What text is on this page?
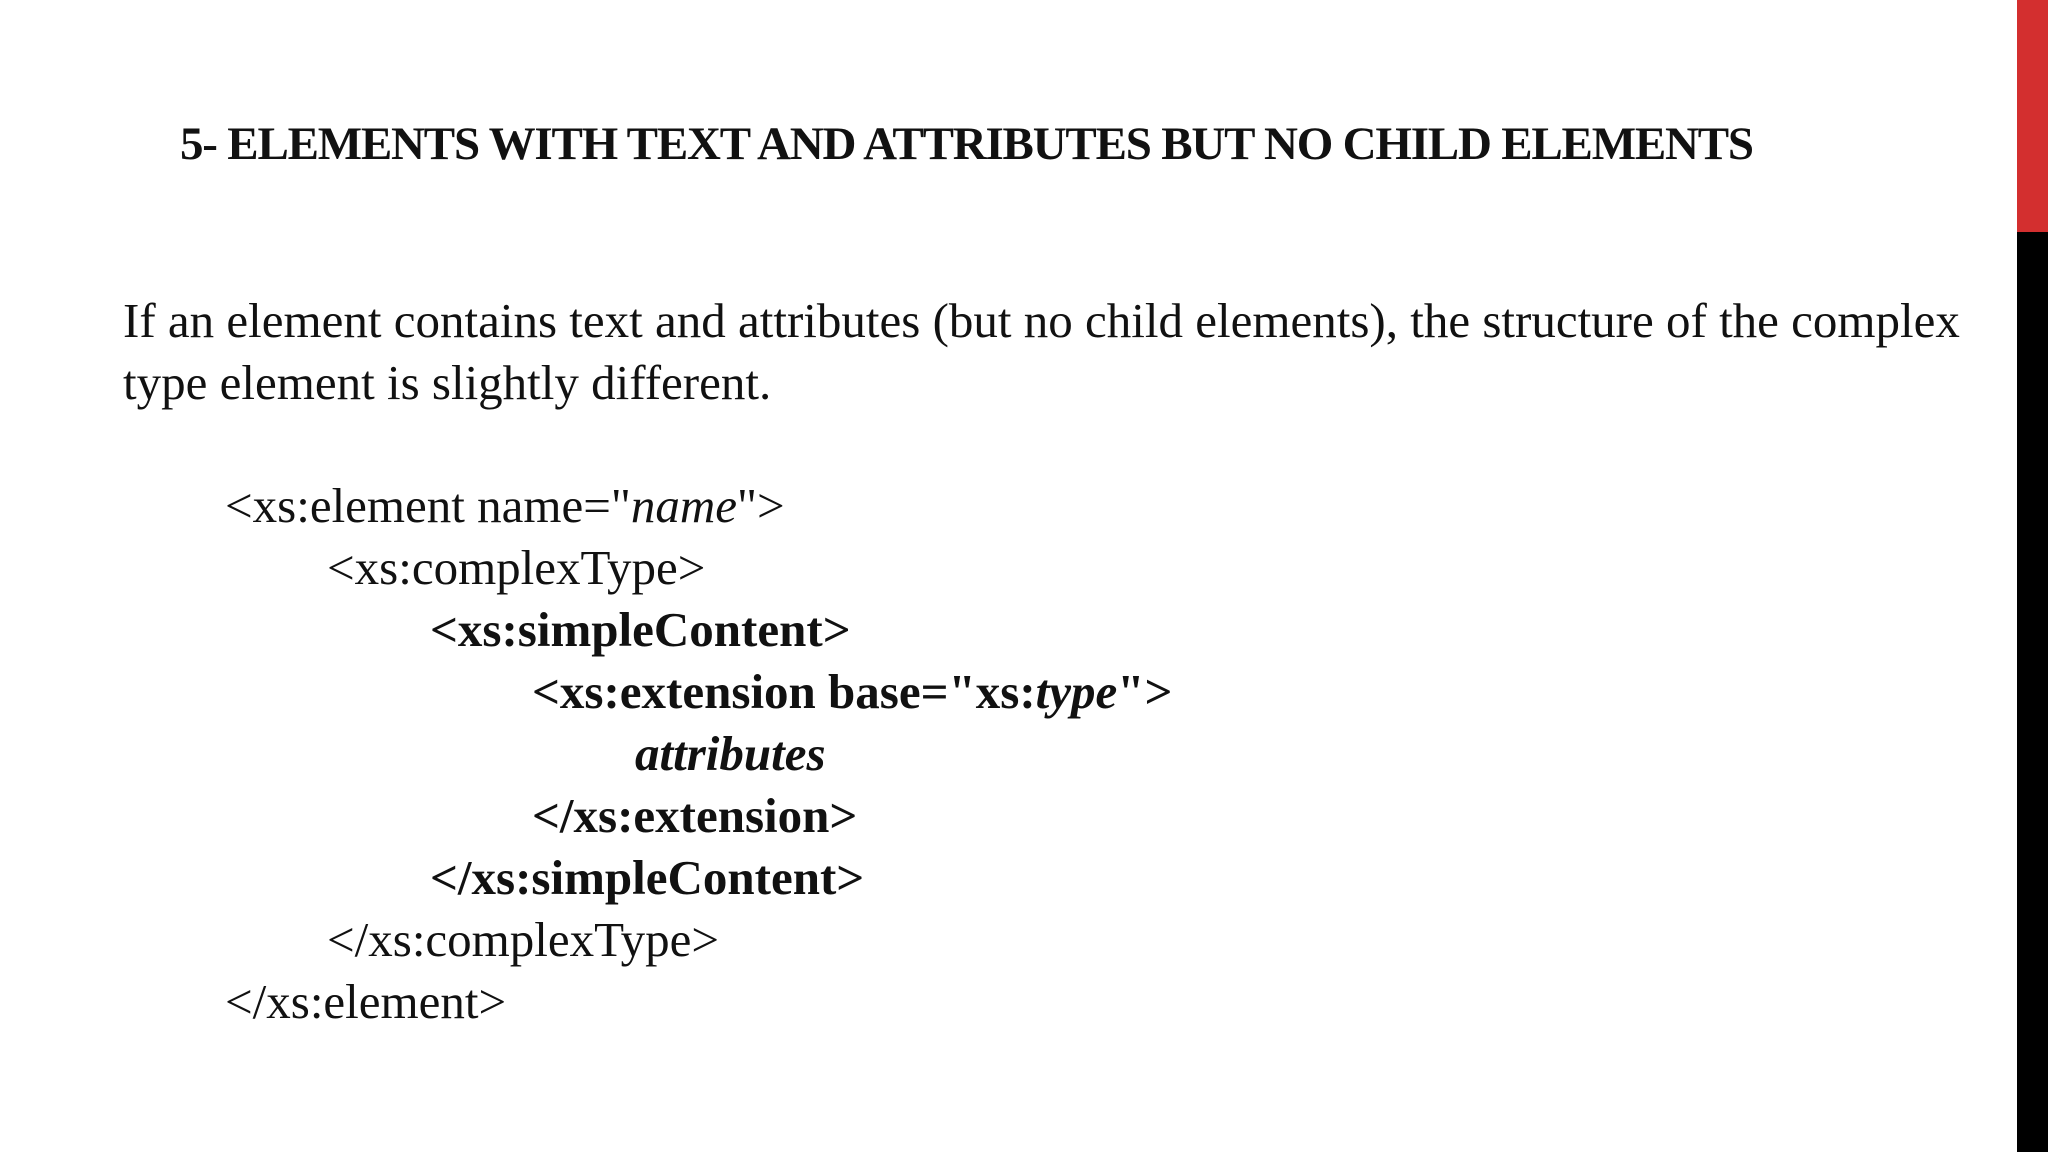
5- ELEMENTS WITH TEXT AND ATTRIBUTES BUT NO CHILD ELEMENTS

If an element contains text and attributes (but no child elements), the structure of the complex type element is slightly different.

<xs:element name="name">
<xs:complexType>
<xs:simpleContent>
<xs:extension base="xs:type">
attributes
</xs:extension>
</xs:simpleContent>
</xs:complexType>
</xs:element>
